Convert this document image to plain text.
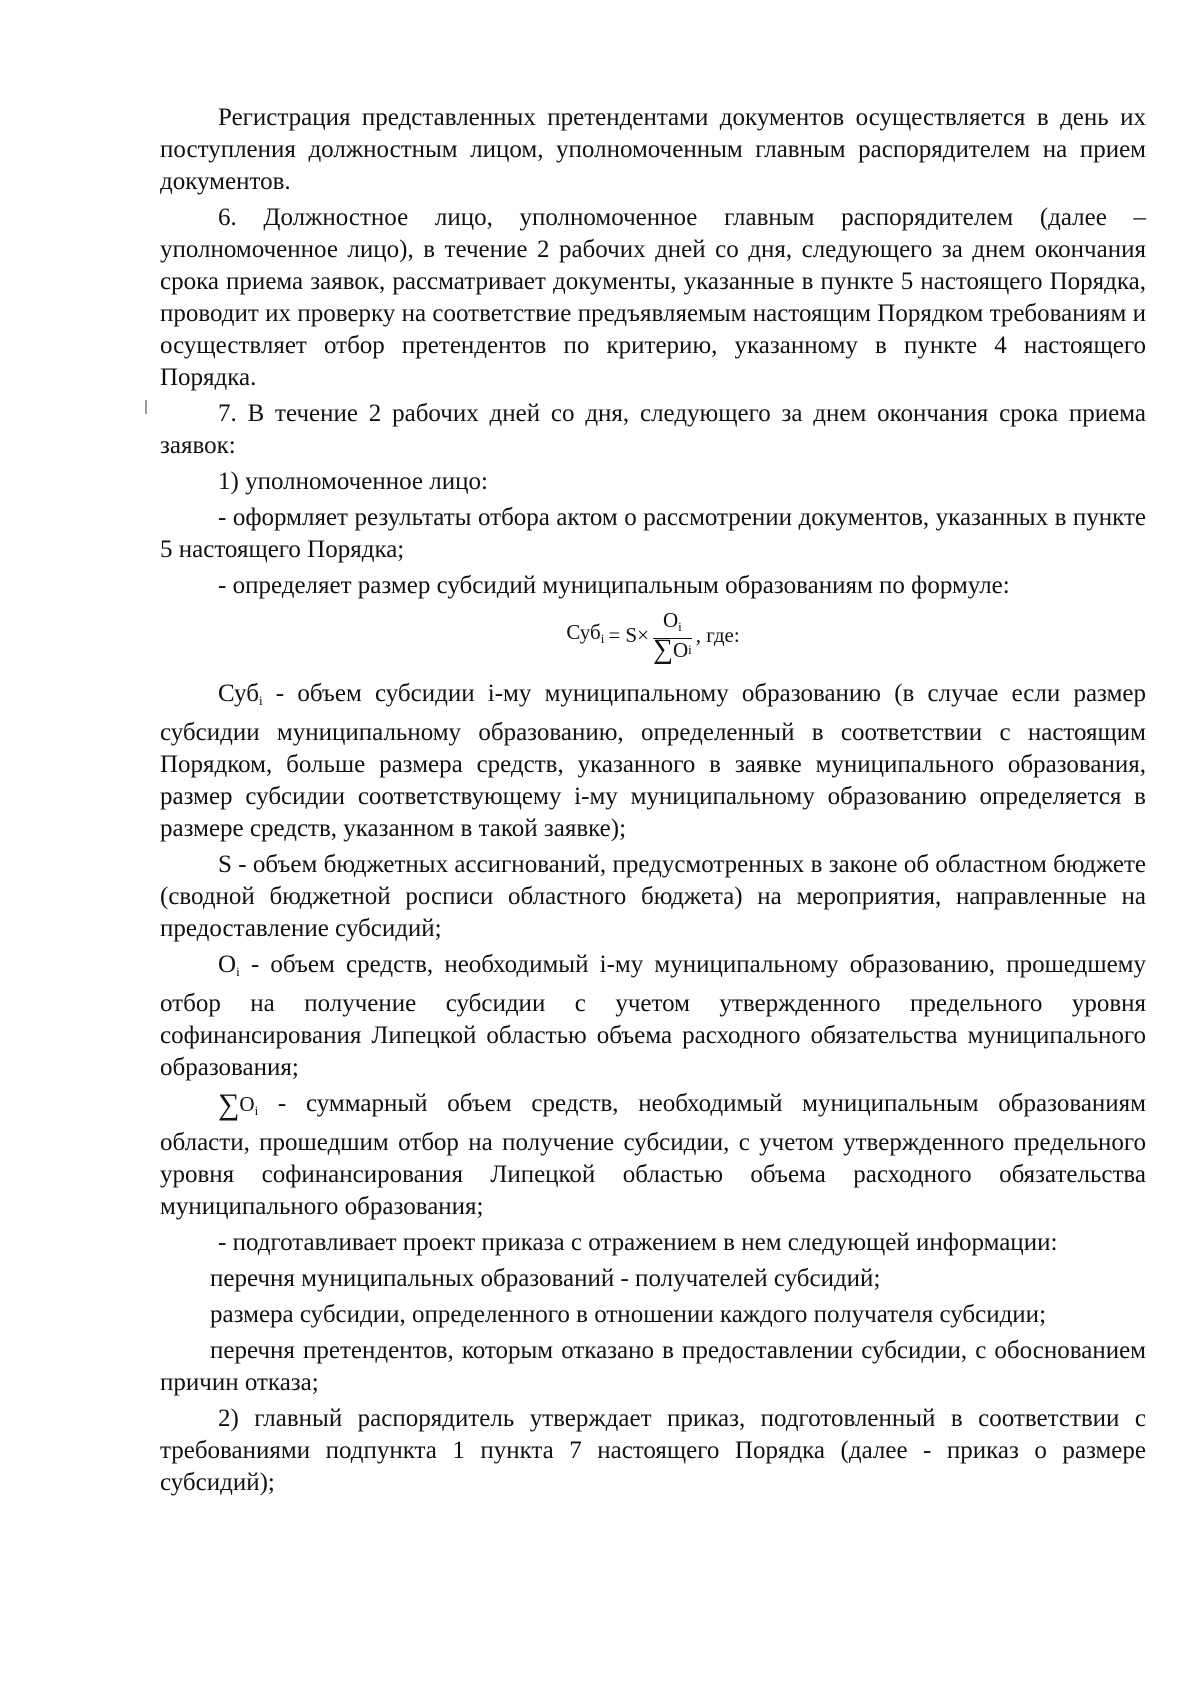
Регистрация представленных претендентами документов осуществляется в день их поступления должностным лицом, уполномоченным главным распорядителем на прием документов.

6. Должностное лицо, уполномоченное главным распорядителем (далее – уполномоченное лицо), в течение 2 рабочих дней со дня, следующего за днем окончания срока приема заявок, рассматривает документы, указанные в пункте 5 настоящего Порядка, проводит их проверку на соответствие предъявляемым настоящим Порядком требованиям и осуществляет отбор претендентов по критерию, указанному в пункте 4 настоящего Порядка.

7. В течение 2 рабочих дней со дня, следующего за днем окончания срока приема заявок:

1) уполномоченное лицо:

- оформляет результаты отбора актом о рассмотрении документов, указанных в пункте 5 настоящего Порядка;

- определяет размер субсидий муниципальным образованиям по формуле:

$Суб_i = S\times \frac{O_i}{\text{∑ O i}}$ , где:

Суб$_i$ - объем субсидии i-му муниципальному образованию (в случае если размер субсидии муниципальному образованию, определенный в соответствии с настоящим Порядком, больше размера средств, указанного в заявке муниципального образования, размер субсидии соответствующему i-му муниципальному образованию определяется в размере средств, указанном в такой заявке);

S - объем бюджетных ассигнований, предусмотренных в законе об областном бюджете (сводной бюджетной росписи областного бюджета) на мероприятия, направленные на предоставление субсидий;

$O_i$ - объем средств, необходимый i-му муниципальному образованию, прошедшему отбор на получение субсидии с учетом утвержденного предельного уровня софинансирования Липецкой областью объема расходного обязательства муниципального образования;

$\sum O_i$ - суммарный объем средств, необходимый муниципальным образованиям области, прошедшим отбор на получение субсидии, с учетом утвержденного предельного уровня софинансирования Липецкой областью объема расходного обязательства муниципального образования;

- подготавливает проект приказа с отражением в нем следующей информации:

перечня муниципальных образований - получателей субсидий;

размера субсидии, определенного в отношении каждого получателя субсидии;

перечня претендентов, которым отказано в предоставлении субсидии, с обоснованием причин отказа;

2) главный распорядитель утверждает приказ, подготовленный в соответствии с требованиями подпункта 1 пункта 7 настоящего Порядка (далее - приказ о размере субсидий);
